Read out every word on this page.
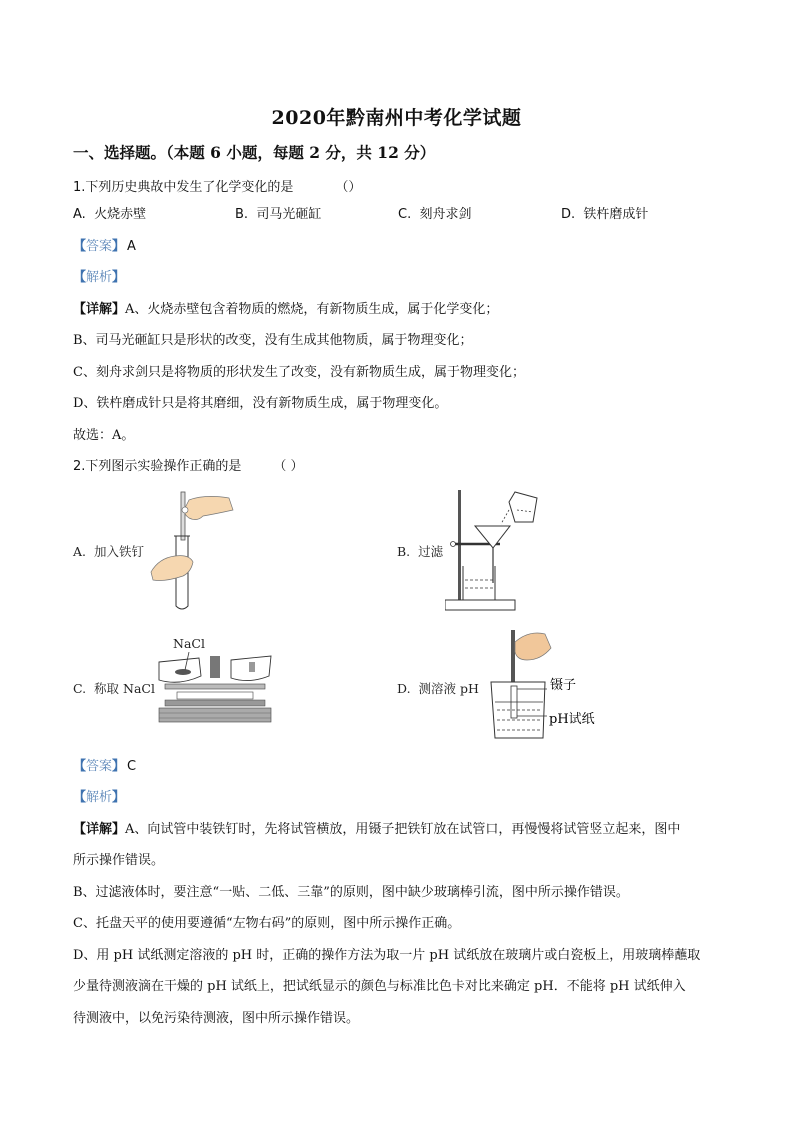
2020年黔南州中考化学试题
一、选择题。（本题 6 小题，每题 2 分，共 12 分）
1.下列历史典故中发生了化学变化的是	（）
A. 火烧赤壁	B. 司马光砸缸	C. 刻舟求剑	D. 铁杵磨成针
【答案】 A
【解析】
【详解】A、火烧赤壁包含着物质的燃烧，有新物质生成，属于化学变化；
B、司马光砸缸只是形状的改变，没有生成其他物质，属于物理变化；
C、刻舟求剑只是将物质的形状发生了改变，没有新物质生成，属于物理变化；
D、铁杵磨成针只是将其磨细，没有新物质生成，属于物理变化。
故选：A。
2.下列图示实验操作正确的是 （ ）
A. 加入铁钉	B. 过滤
C. 称取 NaCl
NaCl
D. 测溶液 pH	镊子
pH试纸
【答案】 C
【解析】
【详解】A、向试管中装铁钉时，先将试管横放，用镊子把铁钉放在试管口，再慢慢将试管竖立起来，图中
所示操作错误。
B、过滤液体时，要注意“一贴、二低、三靠”的原则，图中缺少玻璃棒引流，图中所示操作错误。
C、托盘天平的使用要遵循“左物右码”的原则，图中所示操作正确。
D、用 pH 试纸测定溶液的 pH 时，正确的操作方法为取一片 pH 试纸放在玻璃片或白瓷板上，用玻璃棒蘸取
少量待测液滴在干燥的 pH 试纸上，把试纸显示的颜色与标准比色卡对比来确定 pH．不能将 pH 试纸伸入
待测液中，以免污染待测液，图中所示操作错误。
